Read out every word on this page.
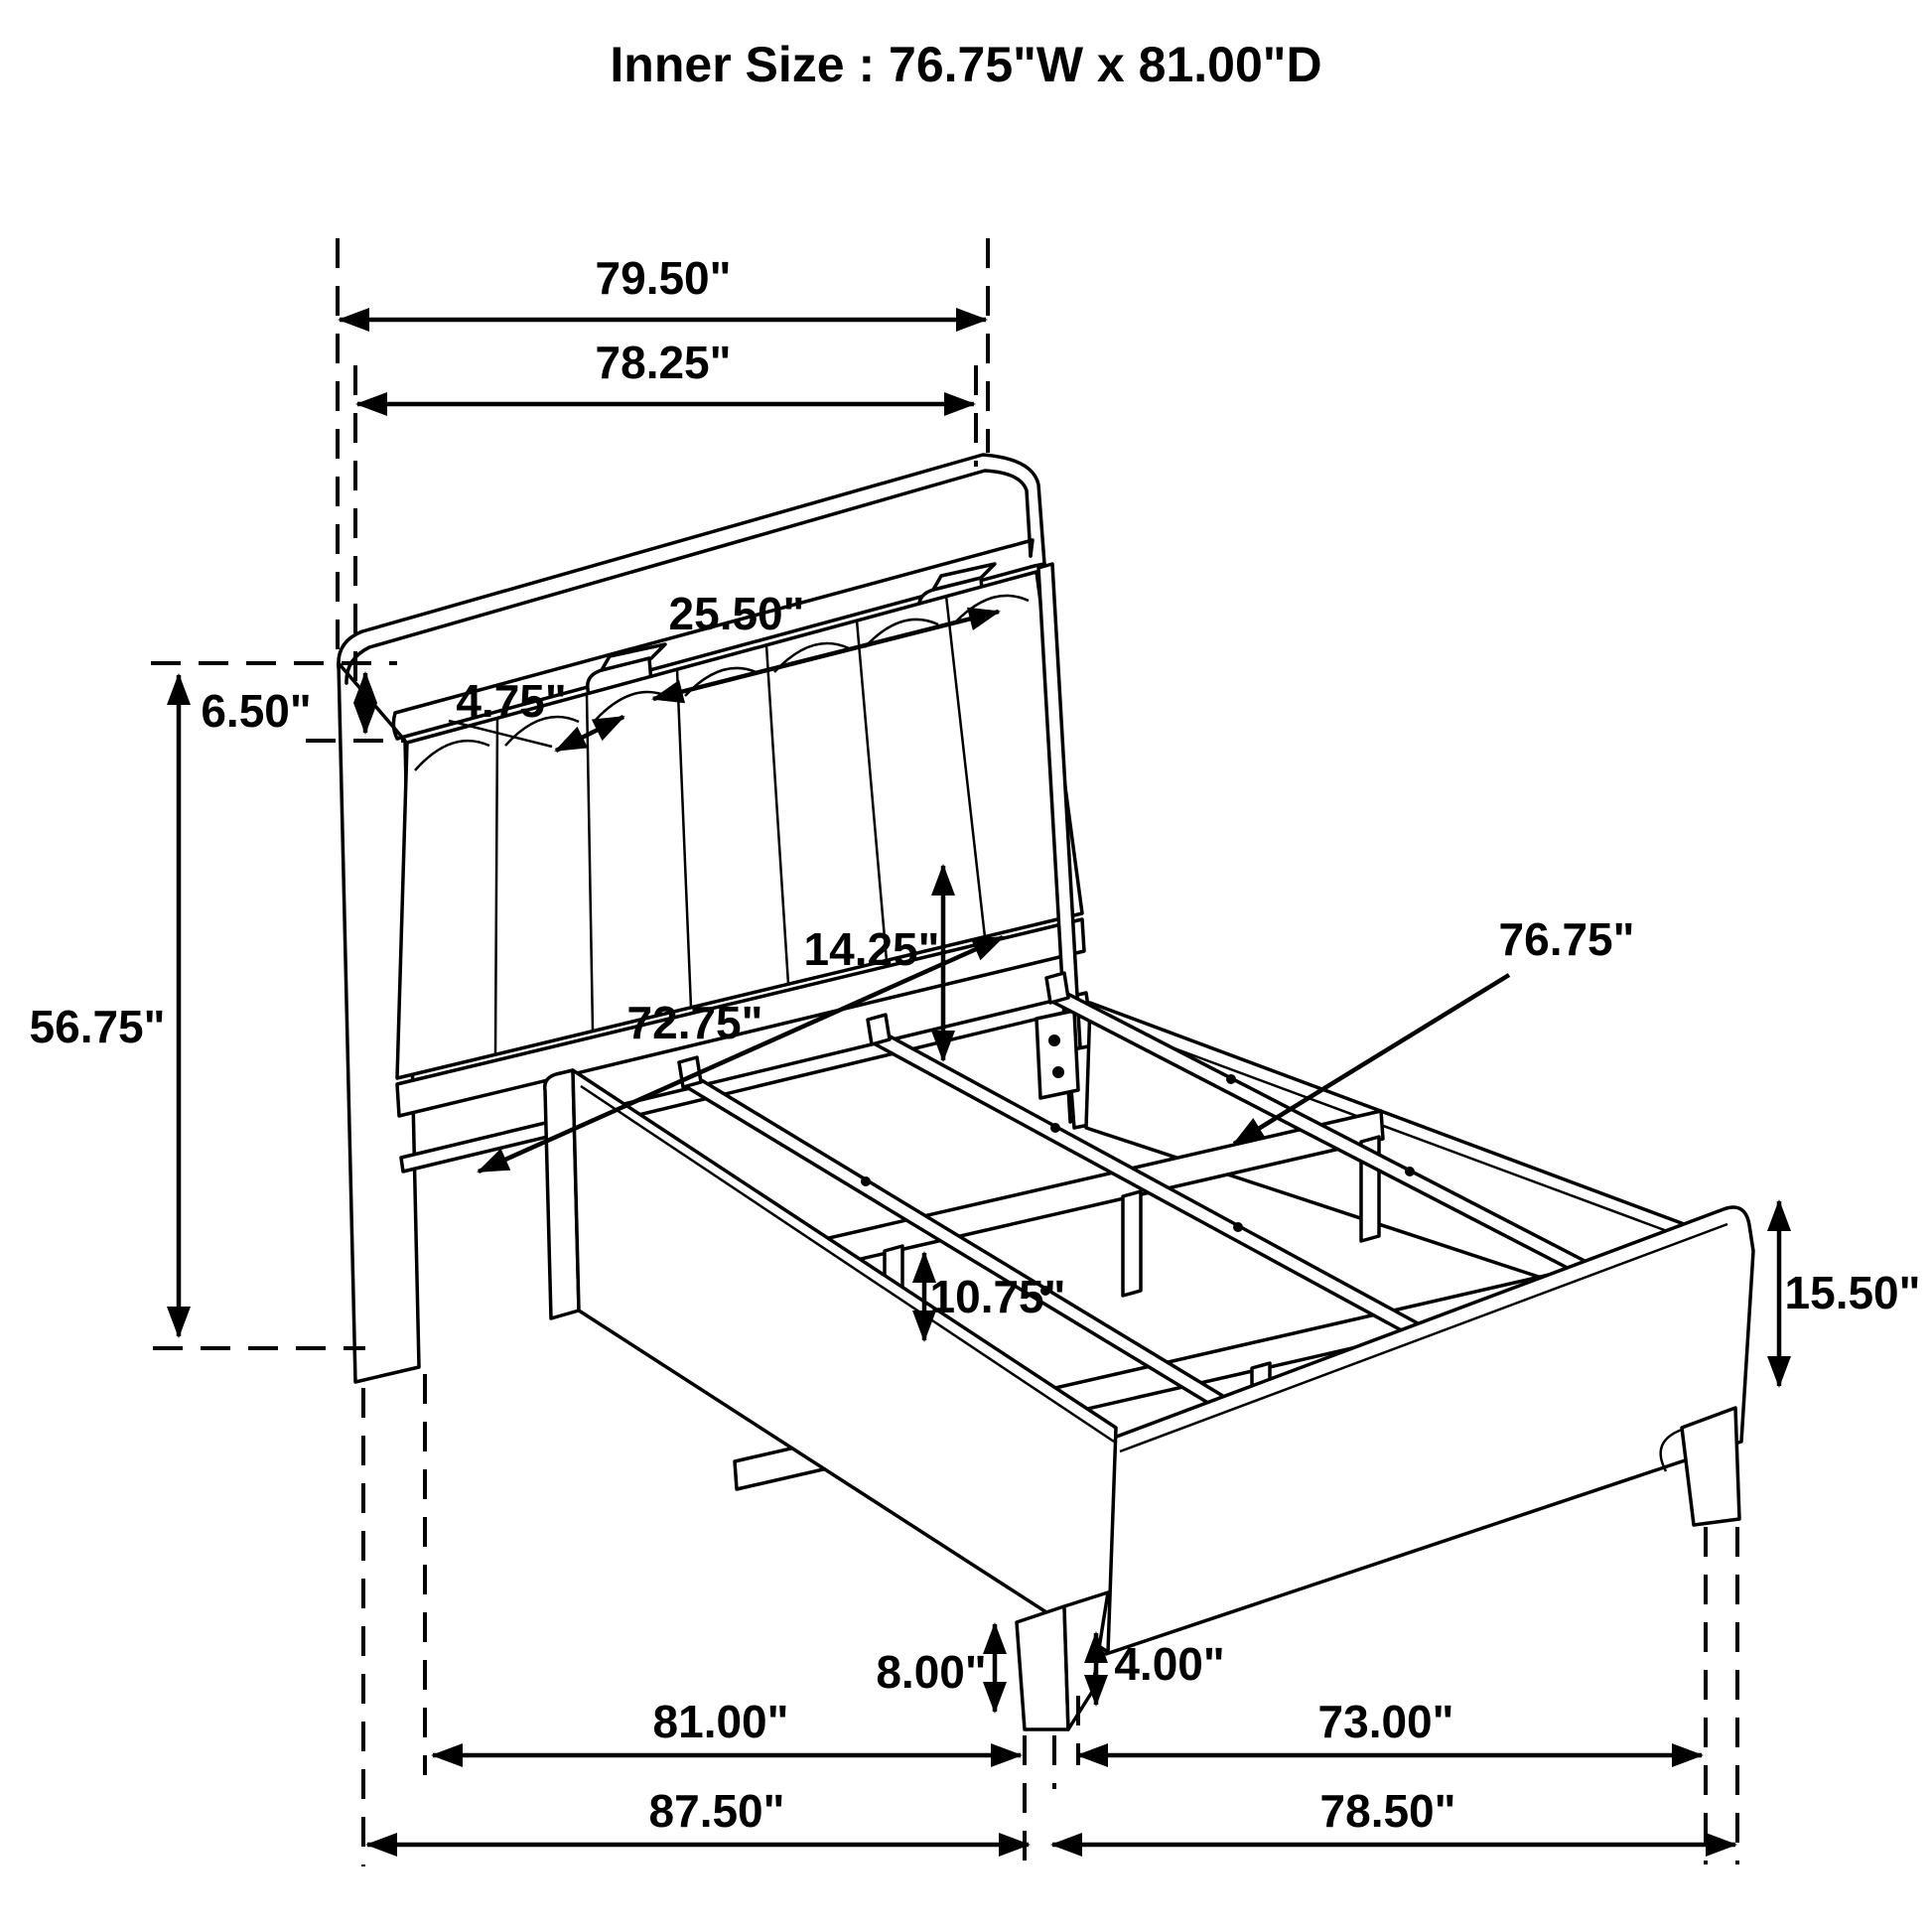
79.50"
78.25"
25.50"
4.75"
6.50"
56.75"
14.25"
72.75"
76.75"
10.75"	15.50"
8.00"	4.00"
81.00"	73.00"
87.50"	78.50"
Inner Size : 76.75"W x 81.00"D
